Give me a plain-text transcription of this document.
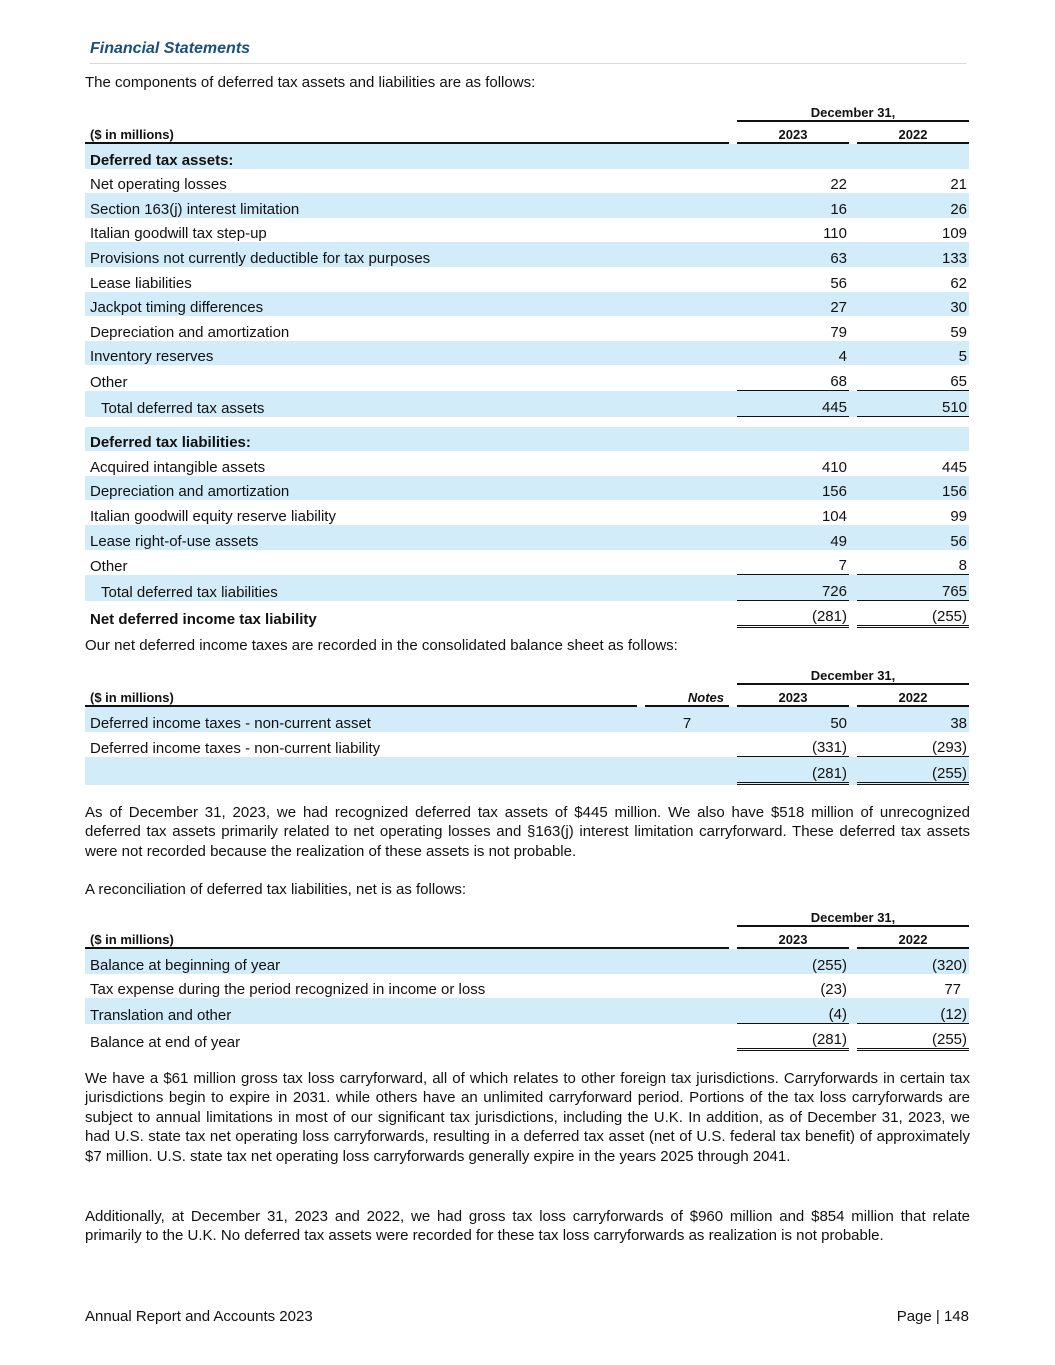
Financial Statements

The components of deferred tax assets and liabilities are as follows:

		December 31,		
($ in millions)		2023		2022
Deferred tax assets:				
Net operating losses		22		21
Section 163(j) interest limitation		16		26
Italian goodwill tax step-up		110		109
Provisions not currently deductible for tax purposes		63		133
Lease liabilities		56		62
Jackpot timing differences		27		30
Depreciation and amortization		79		59
Inventory reserves		4		5
Other		68		65
Total deferred tax assets		445		510

Deferred tax liabilities:				
Acquired intangible assets		410		445
Depreciation and amortization		156		156
Italian goodwill equity reserve liability		104		99
Lease right-of-use assets		49		56
Other		7		8
Total deferred tax liabilities		726		765
Net deferred income tax liability		(281)		(255)

Our net deferred income taxes are recorded in the consolidated balance sheet as follows:

				December 31,		
($ in millions)		Notes		2023		2022
Deferred income taxes - non-current asset		7		50		38
Deferred income taxes - non-current liability				(331)		(293)
				(281)		(255)

As of December 31, 2023, we had recognized deferred tax assets of $445 million. We also have $518 million of unrecognized deferred tax assets primarily related to net operating losses and §163(j) interest limitation carryforward. These deferred tax assets were not recorded because the realization of these assets is not probable.

A reconciliation of deferred tax liabilities, net is as follows:

		December 31,		
($ in millions)		2023		2022
Balance at beginning of year		(255)		(320)
Tax expense during the period recognized in income or loss		(23)		77
Translation and other		(4)		(12)
Balance at end of year		(281)		(255)

We have a $61 million gross tax loss carryforward, all of which relates to other foreign tax jurisdictions. Carryforwards in certain tax jurisdictions begin to expire in 2031. while others have an unlimited carryforward period. Portions of the tax loss carryforwards are subject to annual limitations in most of our significant tax jurisdictions, including the U.K. In addition, as of December 31, 2023, we had U.S. state tax net operating loss carryforwards, resulting in a deferred tax asset (net of U.S. federal tax benefit) of approximately $7 million. U.S. state tax net operating loss carryforwards generally expire in the years 2025 through 2041.

Additionally, at December 31, 2023 and 2022, we had gross tax loss carryforwards of $960 million and $854 million that relate primarily to the U.K. No deferred tax assets were recorded for these tax loss carryforwards as realization is not probable.

Annual Report and Accounts 2023	Page | 148
